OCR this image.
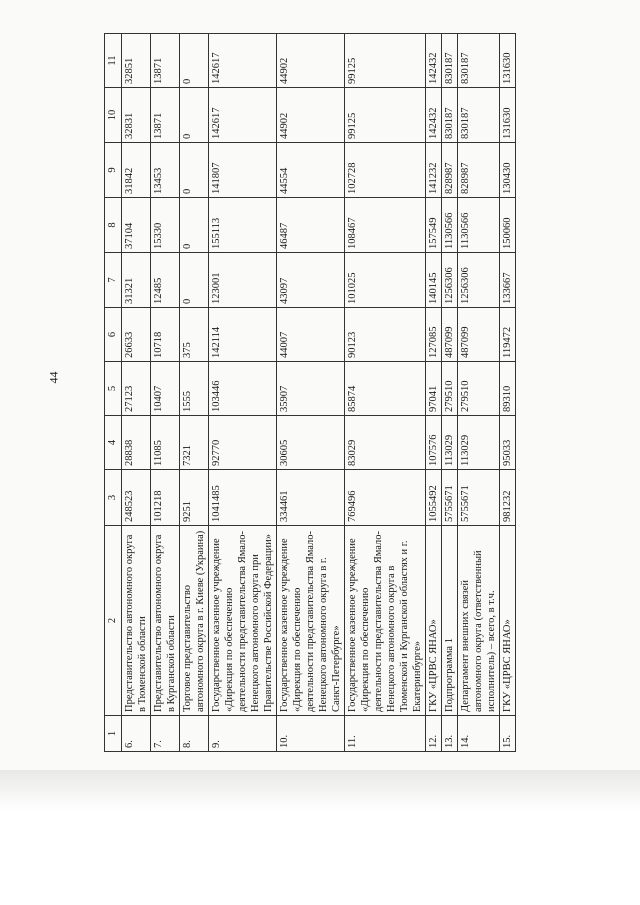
44
1	2	3	4	5	6	7	8	9	10	11
6.	Представительство автономного округа в Тюменской области	248523	28838	27123	26633	31321	37104	31842	32831	32851
7.	Представительство автономного округа в Курганской области	101218	11085	10407	10718	12485	15330	13453	13871	13871
8.	Торговое представительство автономного округа в г. Киеве (Украина)	9251	7321	1555	375	0	0	0	0	0
9.	Государственное казенное учреждение «Дирекция по обеспечению деятельности представительства Ямало-Ненецкого автономного округа при Правительстве Российской Федерации»	1041485	92770	103446	142114	123001	155113	141807	142617	142617
10.	Государственное казенное учреждение «Дирекция по обеспечению деятельности представительства Ямало-Ненецкого автономного округа в г. Санкт-Петербурге»	334461	30605	35907	44007	43097	46487	44554	44902	44902
11.	Государственное казенное учреждение «Дирекция по обеспечению деятельности представительства Ямало-Ненецкого автономного округа в Тюменской и Курганской областях и г. Екатеринбурге»	769496	83029	85874	90123	101025	108467	102728	99125	99125
12.	ГКУ «ЦРВС ЯНАО»	1055492	107576	97041	127085	140145	157549	141232	142432	142432
13.	Подпрограмма 1	5755671	113029	279510	487099	1256306	1130566	828987	830187	830187
14.	Департамент внешних связей автономного округа (ответственный исполнитель) – всего, в т.ч.	5755671	113029	279510	487099	1256306	1130566	828987	830187	830187
15.	ГКУ «ЦРВС ЯНАО»	981232	95033	89310	119472	133667	150060	130430	131630	131630
